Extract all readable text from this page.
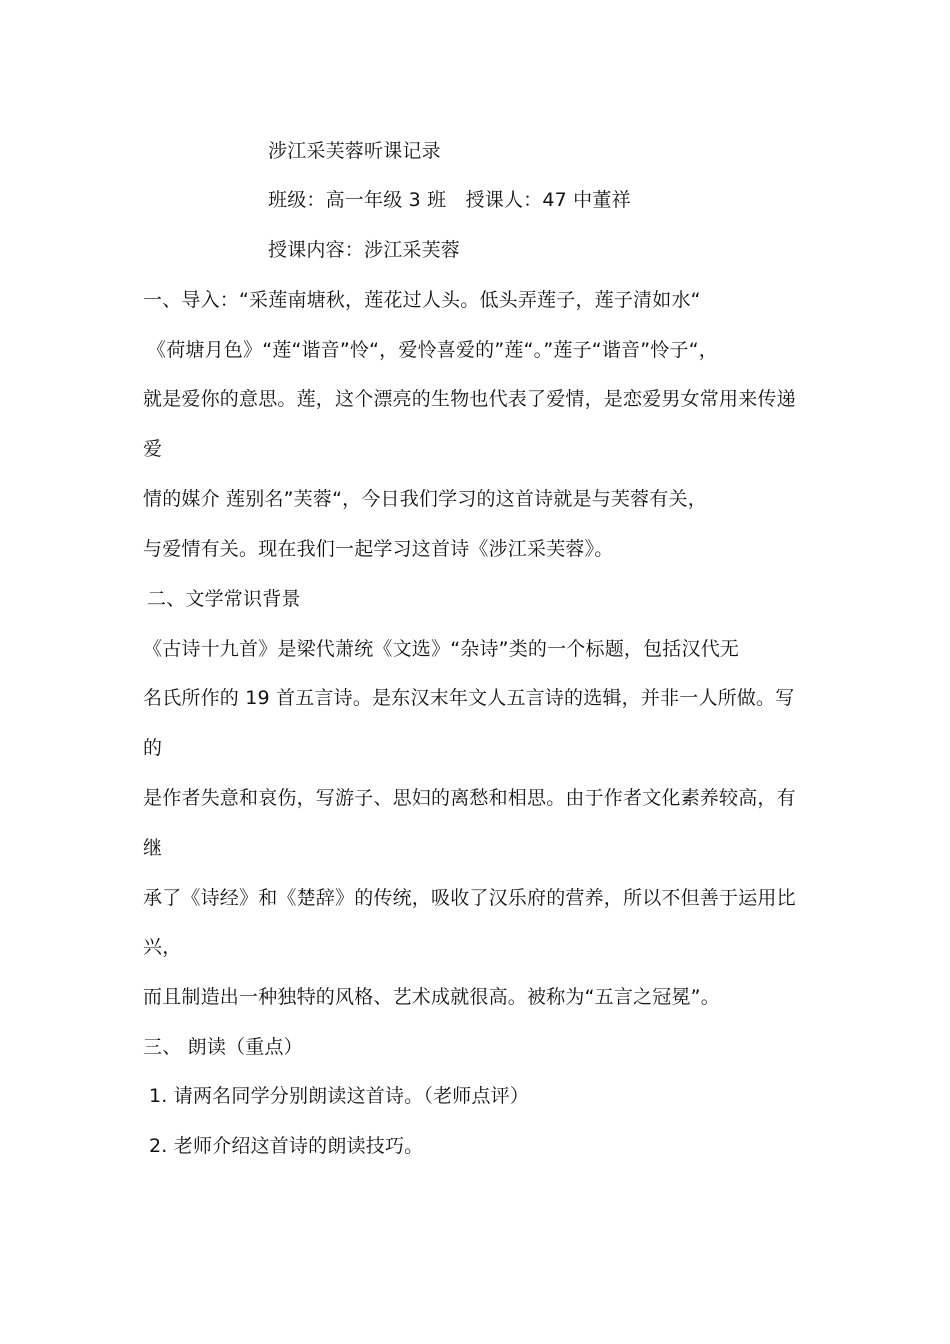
涉江采芙蓉听课记录
班级：高一年级 3 班　授课人：47 中董祥
授课内容：涉江采芙蓉
一、导入：“采莲南塘秋，莲花过人头。低头弄莲子，莲子清如水“
《荷塘月色》“莲“谐音”怜“，爱怜喜爱的”莲“。”莲子“谐音”怜子“，
就是爱你的意思。莲，这个漂亮的生物也代表了爱情，是恋爱男女常用来传递
爱
情的媒介 莲别名”芙蓉“，今日我们学习的这首诗就是与芙蓉有关，
与爱情有关。现在我们一起学习这首诗《涉江采芙蓉》。
二、文学常识背景
《古诗十九首》是梁代萧统《文选》“杂诗”类的一个标题，包括汉代无
名氏所作的 19 首五言诗。是东汉末年文人五言诗的选辑，并非一人所做。写
的
是作者失意和哀伤，写游子、思妇的离愁和相思。由于作者文化素养较高，有
继
承了《诗经》和《楚辞》的传统，吸收了汉乐府的营养，所以不但善于运用比
兴，
而且制造出一种独特的风格、艺术成就很高。被称为“五言之冠冕”。
三、 朗读（重点）
1. 请两名同学分别朗读这首诗。（老师点评）
2. 老师介绍这首诗的朗读技巧。
